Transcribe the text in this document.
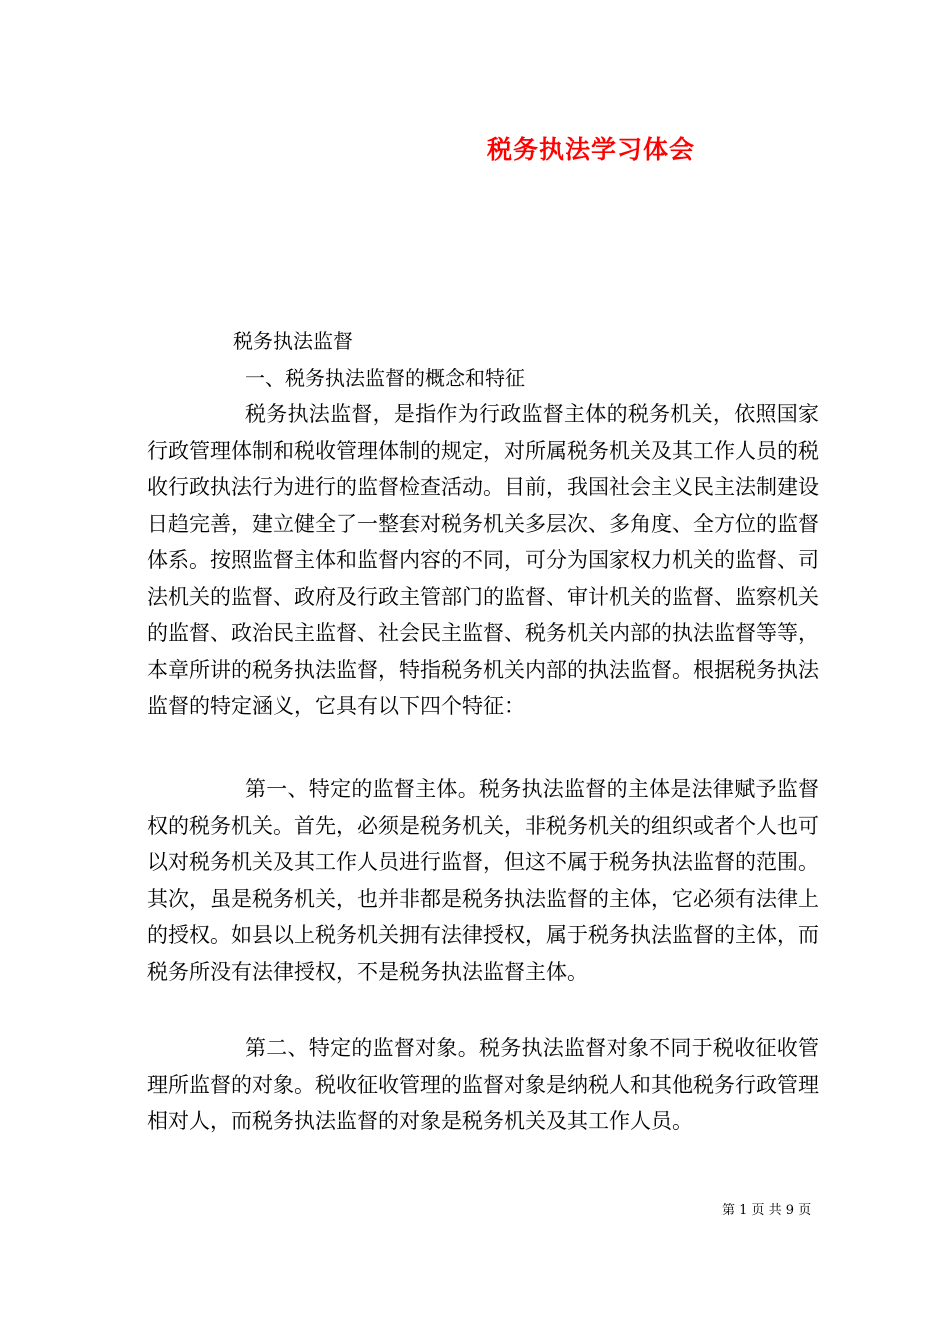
税务执法学习体会
税务执法监督
一、税务执法监督的概念和特征

税务执法监督，是指作为行政监督主体的税务机关，依照国家行政管理体制和税收管理体制的规定，对所属税务机关及其工作人员的税收行政执法行为进行的监督检查活动。目前，我国社会主义民主法制建设日趋完善，建立健全了一整套对税务机关多层次、多角度、全方位的监督体系。按照监督主体和监督内容的不同，可分为国家权力机关的监督、司法机关的监督、政府及行政主管部门的监督、审计机关的监督、监察机关的监督、政治民主监督、社会民主监督、税务机关内部的执法监督等等，本章所讲的税务执法监督，特指税务机关内部的执法监督。根据税务执法监督的特定涵义，它具有以下四个特征：

第一、特定的监督主体。税务执法监督的主体是法律赋予监督权的税务机关。首先，必须是税务机关，非税务机关的组织或者个人也可以对税务机关及其工作人员进行监督，但这不属于税务执法监督的范围。其次，虽是税务机关，也并非都是税务执法监督的主体，它必须有法律上的授权。如县以上税务机关拥有法律授权，属于税务执法监督的主体，而税务所没有法律授权，不是税务执法监督主体。

第二、特定的监督对象。税务执法监督对象不同于税收征收管理所监督的对象。税收征收管理的监督对象是纳税人和其他税务行政管理相对人，而税务执法监督的对象是税务机关及其工作人员。

第 1 页 共 9 页
